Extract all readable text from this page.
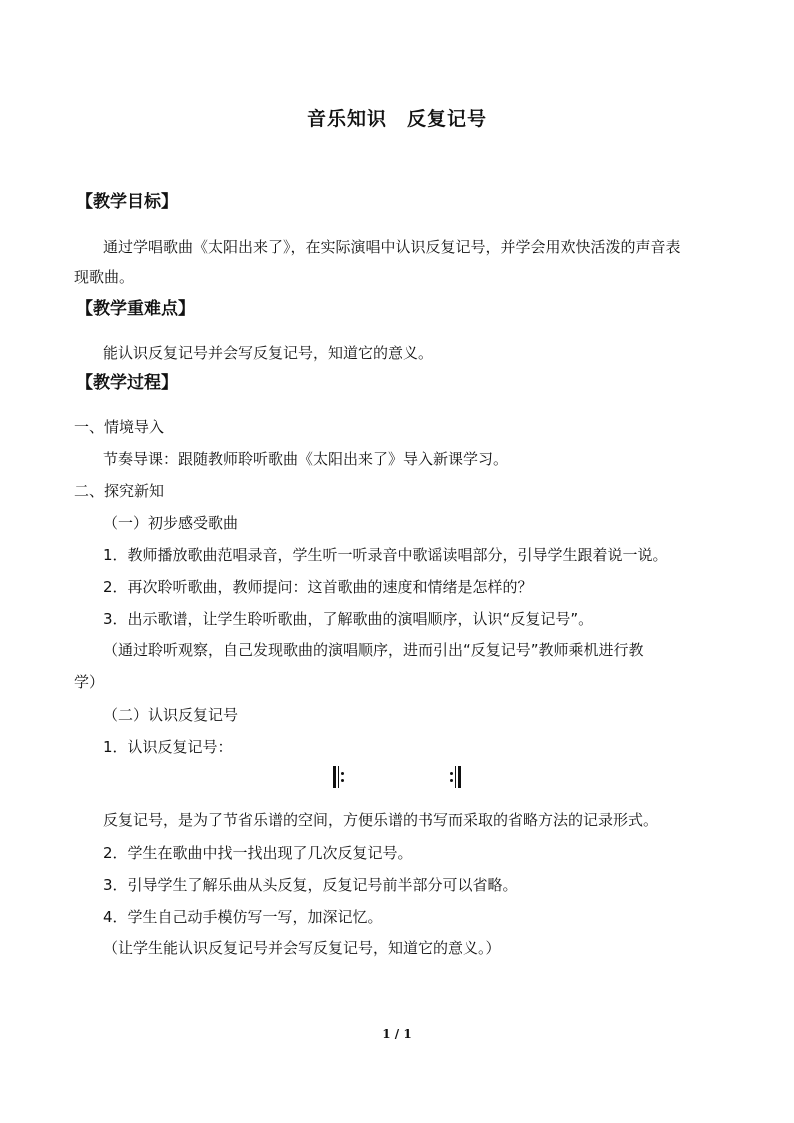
音乐知识　反复记号
【教学目标】
通过学唱歌曲《太阳出来了》，在实际演唱中认识反复记号，并学会用欢快活泼的声音表
现歌曲。
【教学重难点】
能认识反复记号并会写反复记号，知道它的意义。
【教学过程】
一、情境导入
节奏导课：跟随教师聆听歌曲《太阳出来了》导入新课学习。
二、探究新知
（一）初步感受歌曲
1．教师播放歌曲范唱录音，学生听一听录音中歌谣读唱部分，引导学生跟着说一说。
2．再次聆听歌曲，教师提问：这首歌曲的速度和情绪是怎样的？
3．出示歌谱，让学生聆听歌曲，了解歌曲的演唱顺序，认识“反复记号”。
（通过聆听观察，自己发现歌曲的演唱顺序，进而引出“反复记号”教师乘机进行教
学）
（二）认识反复记号
1．认识反复记号：
反复记号，是为了节省乐谱的空间，方便乐谱的书写而采取的省略方法的记录形式。
2．学生在歌曲中找一找出现了几次反复记号。
3．引导学生了解乐曲从头反复，反复记号前半部分可以省略。
4．学生自己动手模仿写一写，加深记忆。
（让学生能认识反复记号并会写反复记号，知道它的意义。）
1 / 1
